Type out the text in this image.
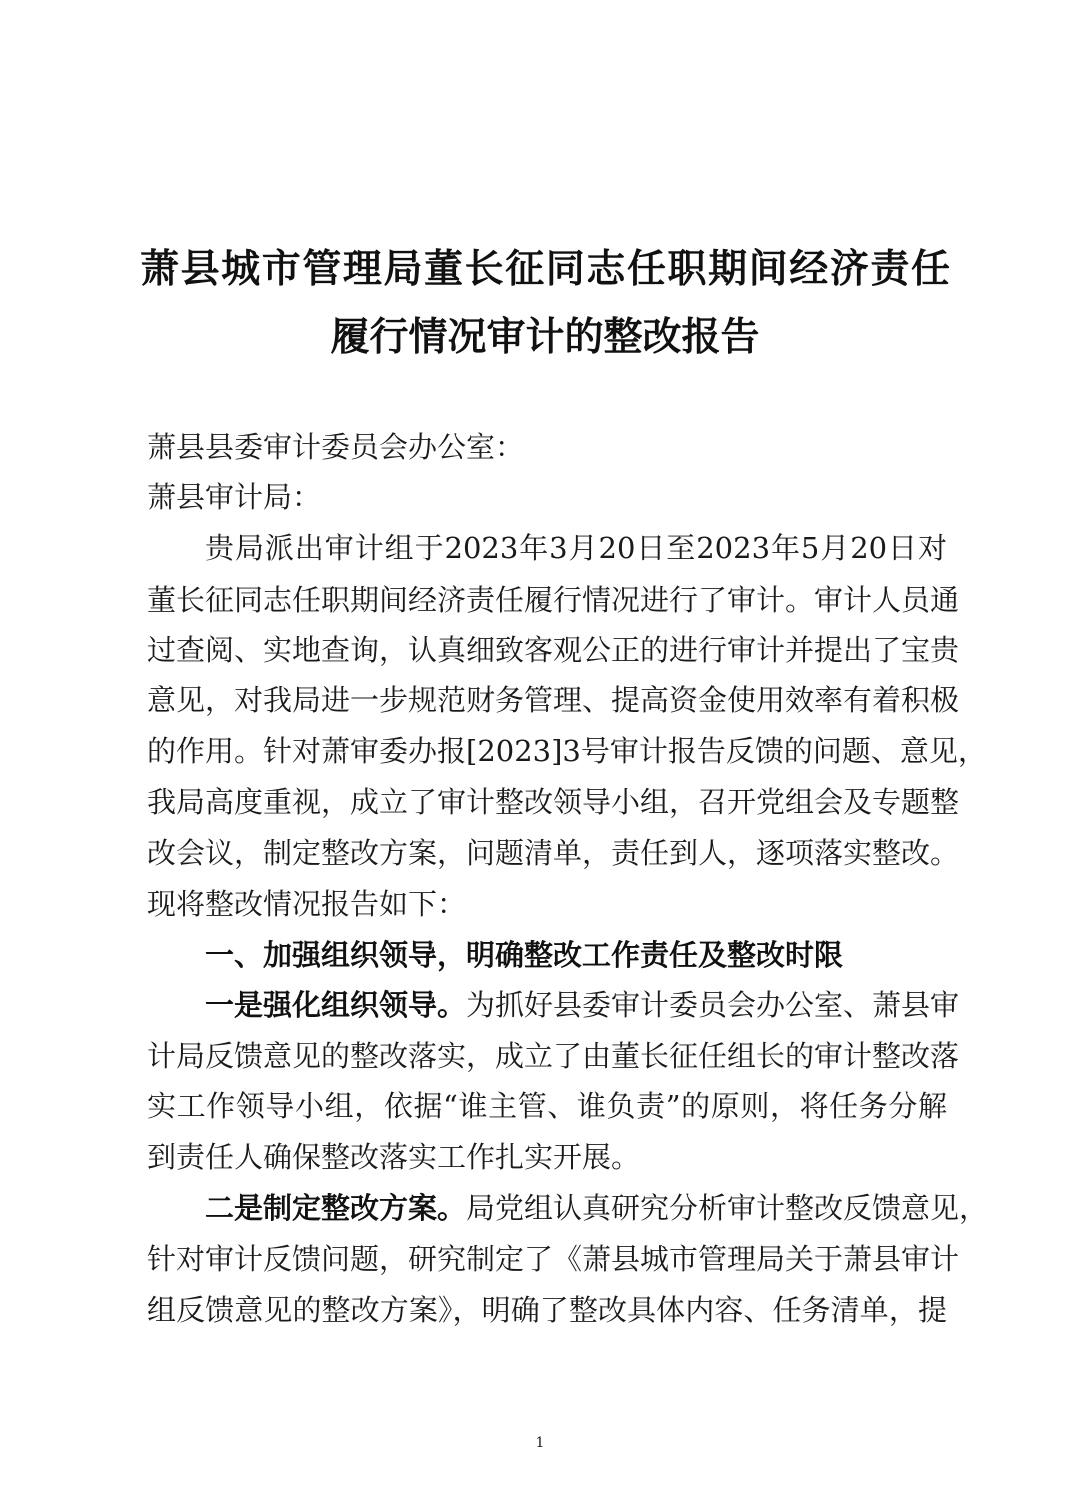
萧县城市管理局董长征同志任职期间经济责任
履行情况审计的整改报告
萧县县委审计委员会办公室：
萧县审计局：
贵局派出审计组于2023年3月20日至2023年5月20日对
董长征同志任职期间经济责任履行情况进行了审计。审计人员通
过查阅、实地查询，认真细致客观公正的进行审计并提出了宝贵
意见，对我局进一步规范财务管理、提高资金使用效率有着积极
的作用。针对萧审委办报[2023]3号审计报告反馈的问题、意见，
我局高度重视，成立了审计整改领导小组，召开党组会及专题整
改会议，制定整改方案，问题清单，责任到人，逐项落实整改。
现将整改情况报告如下：
一、加强组织领导，明确整改工作责任及整改时限
一是强化组织领导。为抓好县委审计委员会办公室、萧县审
计局反馈意见的整改落实，成立了由董长征任组长的审计整改落
实工作领导小组，依据“谁主管、谁负责”的原则，将任务分解
到责任人确保整改落实工作扎实开展。
二是制定整改方案。局党组认真研究分析审计整改反馈意见，
针对审计反馈问题，研究制定了《萧县城市管理局关于萧县审计
组反馈意见的整改方案》，明确了整改具体内容、任务清单，提
1
